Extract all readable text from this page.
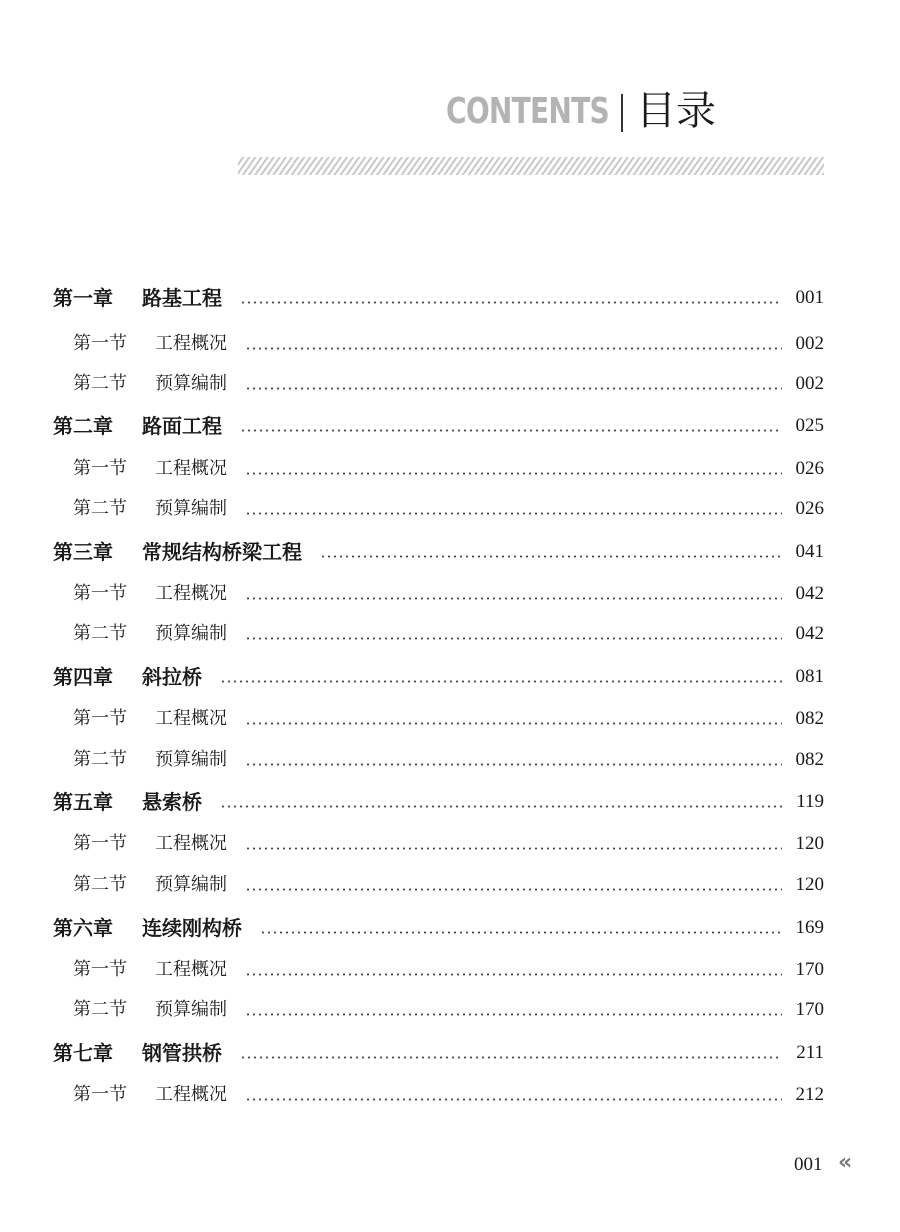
CONTENTS 目录
第一章 路基工程	001
第一节 工程概况	002
第二节 预算编制	002
第二章 路面工程	025
第一节 工程概况	026
第二节 预算编制	026
第三章 常规结构桥梁工程	041
第一节 工程概况	042
第二节 预算编制	042
第四章 斜拉桥	081
第一节 工程概况	082
第二节 预算编制	082
第五章 悬索桥	119
第一节 工程概况	120
第二节 预算编制	120
第六章 连续刚构桥	169
第一节 工程概况	170
第二节 预算编制	170
第七章 钢管拱桥	211
第一节 工程概况	212
001 «
